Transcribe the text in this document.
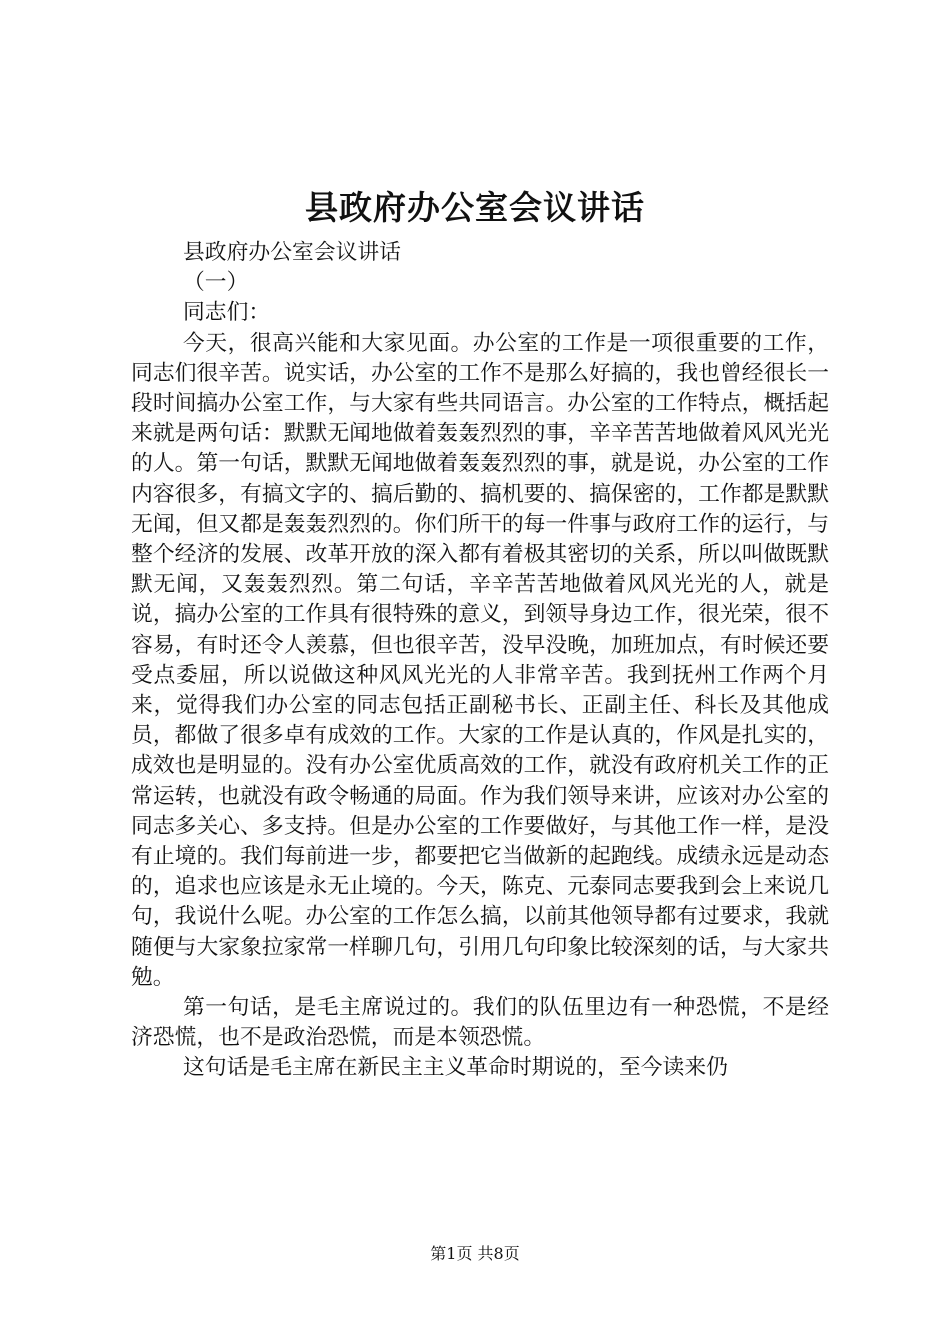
县政府办公室会议讲话

县政府办公室会议讲话

（一）

同志们：

今天，很高兴能和大家见面。办公室的工作是一项很重要的工作，同志们很辛苦。说实话，办公室的工作不是那么好搞的，我也曾经很长一段时间搞办公室工作，与大家有些共同语言。办公室的工作特点，概括起来就是两句话：默默无闻地做着轰轰烈烈的事，辛辛苦苦地做着风风光光的人。第一句话，默默无闻地做着轰轰烈烈的事，就是说，办公室的工作内容很多，有搞文字的、搞后勤的、搞机要的、搞保密的，工作都是默默无闻，但又都是轰轰烈烈的。你们所干的每一件事与政府工作的运行，与整个经济的发展、改革开放的深入都有着极其密切的关系，所以叫做既默默无闻，又轰轰烈烈。第二句话，辛辛苦苦地做着风风光光的人，就是说，搞办公室的工作具有很特殊的意义，到领导身边工作，很光荣，很不容易，有时还令人羡慕，但也很辛苦，没早没晚，加班加点，有时候还要受点委屈，所以说做这种风风光光的人非常辛苦。我到抚州工作两个月来，觉得我们办公室的同志包括正副秘书长、正副主任、科长及其他成员，都做了很多卓有成效的工作。大家的工作是认真的，作风是扎实的，成效也是明显的。没有办公室优质高效的工作，就没有政府机关工作的正常运转，也就没有政令畅通的局面。作为我们领导来讲，应该对办公室的同志多关心、多支持。但是办公室的工作要做好，与其他工作一样，是没有止境的。我们每前进一步，都要把它当做新的起跑线。成绩永远是动态的，追求也应该是永无止境的。今天，陈克、元泰同志要我到会上来说几句，我说什么呢。办公室的工作怎么搞，以前其他领导都有过要求，我就随便与大家象拉家常一样聊几句，引用几句印象比较深刻的话，与大家共勉。

第一句话，是毛主席说过的。我们的队伍里边有一种恐慌，不是经济恐慌，也不是政治恐慌，而是本领恐慌。

这句话是毛主席在新民主主义革命时期说的，至今读来仍

第1页 共8页
